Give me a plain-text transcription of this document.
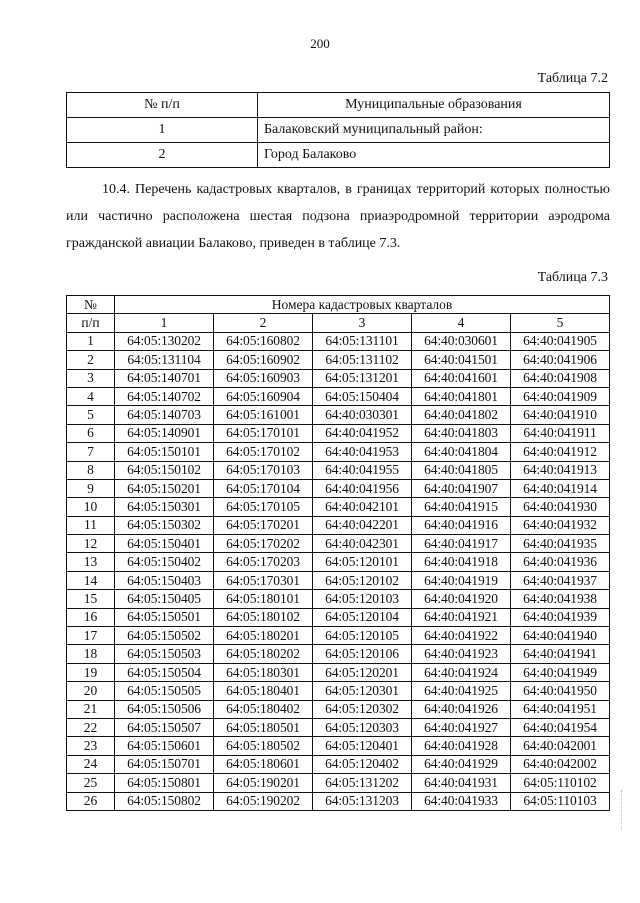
200
Таблица 7.2
№ п/п	Муниципальные образования
1	Балаковский муниципальный район:
2	Город Балаково
10.4. Перечень кадастровых кварталов, в границах территорий которых полностью или частично расположена шестая подзона приаэродромной территории аэродрома гражданской авиации Балаково, приведен в таблице 7.3.
Таблица 7.3
№	Номера кадастровых кварталов				
п/п	1	2	3	4	5
1	64:05:130202	64:05:160802	64:05:131101	64:40:030601	64:40:041905
2	64:05:131104	64:05:160902	64:05:131102	64:40:041501	64:40:041906
3	64:05:140701	64:05:160903	64:05:131201	64:40:041601	64:40:041908
4	64:05:140702	64:05:160904	64:05:150404	64:40:041801	64:40:041909
5	64:05:140703	64:05:161001	64:40:030301	64:40:041802	64:40:041910
6	64:05:140901	64:05:170101	64:40:041952	64:40:041803	64:40:041911
7	64:05:150101	64:05:170102	64:40:041953	64:40:041804	64:40:041912
8	64:05:150102	64:05:170103	64:40:041955	64:40:041805	64:40:041913
9	64:05:150201	64:05:170104	64:40:041956	64:40:041907	64:40:041914
10	64:05:150301	64:05:170105	64:40:042101	64:40:041915	64:40:041930
11	64:05:150302	64:05:170201	64:40:042201	64:40:041916	64:40:041932
12	64:05:150401	64:05:170202	64:40:042301	64:40:041917	64:40:041935
13	64:05:150402	64:05:170203	64:05:120101	64:40:041918	64:40:041936
14	64:05:150403	64:05:170301	64:05:120102	64:40:041919	64:40:041937
15	64:05:150405	64:05:180101	64:05:120103	64:40:041920	64:40:041938
16	64:05:150501	64:05:180102	64:05:120104	64:40:041921	64:40:041939
17	64:05:150502	64:05:180201	64:05:120105	64:40:041922	64:40:041940
18	64:05:150503	64:05:180202	64:05:120106	64:40:041923	64:40:041941
19	64:05:150504	64:05:180301	64:05:120201	64:40:041924	64:40:041949
20	64:05:150505	64:05:180401	64:05:120301	64:40:041925	64:40:041950
21	64:05:150506	64:05:180402	64:05:120302	64:40:041926	64:40:041951
22	64:05:150507	64:05:180501	64:05:120303	64:40:041927	64:40:041954
23	64:05:150601	64:05:180502	64:05:120401	64:40:041928	64:40:042001
24	64:05:150701	64:05:180601	64:05:120402	64:40:041929	64:40:042002
25	64:05:150801	64:05:190201	64:05:131202	64:40:041931	64:05:110102
26	64:05:150802	64:05:190202	64:05:131203	64:40:041933	64:05:110103
